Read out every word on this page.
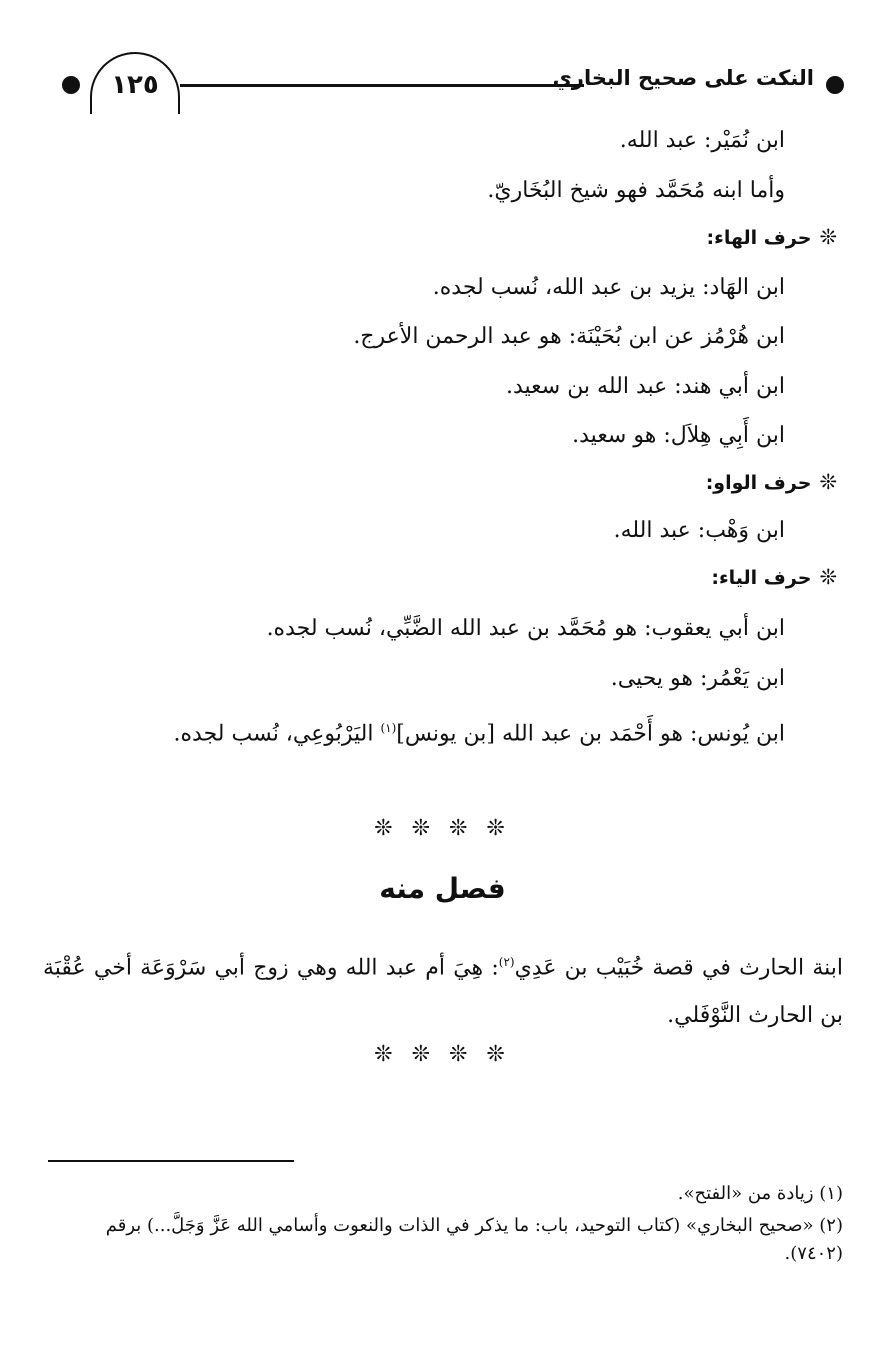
النكت على صحيح البخاري
١٢٥
ابن نُمَيْر: عبد الله.
وأما ابنه مُحَمَّد فهو شيخ البُخَاريّ.
❊حرف الهاء:
ابن الهَاد: يزيد بن عبد الله، نُسب لجده.
ابن هُرْمُز عن ابن بُحَيْنَة: هو عبد الرحمن الأعرج.
ابن أبي هند: عبد الله بن سعيد.
ابن أَبِي هِلاَل: هو سعيد.
❊حرف الواو:
ابن وَهْب: عبد الله.
❊حرف الياء:
ابن أبي يعقوب: هو مُحَمَّد بن عبد الله الضَّبِّي، نُسب لجده.
ابن يَعْمُر: هو يحيى.
ابن يُونس: هو أَحْمَد بن عبد الله [بن يونس]$^{(١)}$ اليَرْبُوعِي، نُسب لجده.
❊ ❊ ❊ ❊
فصل منه
ابنة الحارث في قصة خُبَيْب بن عَدِي$^{(٢)}$: هِيَ أم عبد الله وهي زوج أبي سَرْوَعَة أخي عُقْبَة بن الحارث النَّوْفَلي.
❊ ❊ ❊ ❊
(١) زيادة من «الفتح».
(٢) «صحيح البخاري» (كتاب التوحيد، باب: ما يذكر في الذات والنعوت وأسامي الله عَزَّ وَجَلَّ...) برقم (٧٤٠٢).
